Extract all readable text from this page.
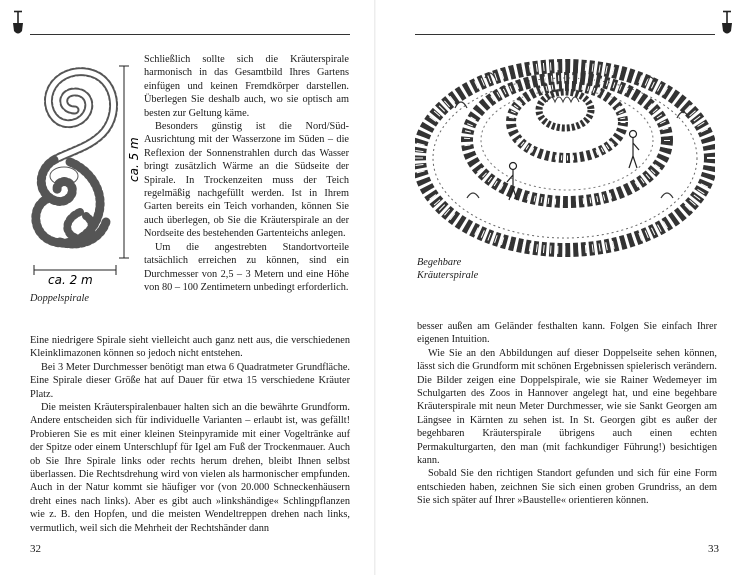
ca. 5 m
ca. 2 m

Schließlich sollte sich die Kräuterspirale harmonisch in das Gesamtbild Ihres Gartens einfügen und keinen Fremdkörper darstellen. Überlegen Sie deshalb auch, wo sie optisch am besten zur Geltung käme.

Besonders günstig ist die Nord/Süd-Ausrichtung mit der Wasserzone im Süden – die Reflexion der Sonnenstrahlen durch das Wasser bringt zusätzlich Wärme an die Südseite der Spirale. In Trockenzeiten muss der Teich regelmäßig nachgefüllt werden. Ist in Ihrem Garten bereits ein Teich vorhanden, können Sie auch überlegen, ob Sie die Kräuterspirale an der Nordseite des bestehenden Gartenteichs anlegen.

Um die angestrebten Standortvorteile tatsächlich erreichen zu können, sind ein Durchmesser von 2,5 – 3 Metern und eine Höhe von 80 – 100 Zentimetern unbedingt erforderlich.

Doppelspirale

Eine niedrigere Spirale sieht vielleicht auch ganz nett aus, die verschiedenen Kleinklimazonen können so jedoch nicht entstehen.

Bei 3 Meter Durchmesser benötigt man etwa 6 Quadratmeter Grundfläche. Eine Spirale dieser Größe hat auf Dauer für etwa 15 verschiedene Kräuter Platz.

Die meisten Kräuterspiralenbauer halten sich an die bewährte Grundform. Andere entscheiden sich für individuelle Varianten – erlaubt ist, was gefällt! Probieren Sie es mit einer kleinen Steinpyramide mit einer Vogeltränke auf der Spitze oder einem Unterschlupf für Igel am Fuß der Trockenmauer. Auch ob Sie Ihre Spirale links oder rechts herum drehen, bleibt Ihnen selbst überlassen. Die Rechtsdrehung wird von vielen als harmonischer empfunden. Auch in der Natur kommt sie häufiger vor (von 20.000 Schneckenhäusern dreht eines nach links). Aber es gibt auch »linkshändige« Schlingpflanzen wie z. B. den Hopfen, und die meisten Wendeltreppen drehen nach links, vermutlich, weil sich die Mehrheit der Rechtshänder dann

32
Begehbare
Kräuterspirale

besser außen am Geländer festhalten kann. Folgen Sie einfach Ihrer eigenen Intuition.

Wie Sie an den Abbildungen auf dieser Doppelseite sehen können, lässt sich die Grundform mit schönen Ergebnissen spielerisch verändern. Die Bilder zeigen eine Doppelspirale, wie sie Rainer Wedemeyer im Schulgarten des Zoos in Hannover angelegt hat, und eine begehbare Kräuterspirale mit neun Meter Durchmesser, wie sie Sankt Georgen am Längsee in Kärnten zu sehen ist. In St. Georgen gibt es außer der begehbaren Kräuterspirale übrigens auch einen echten Permakulturgarten, den man (mit fachkundiger Führung!) besichtigen kann.

Sobald Sie den richtigen Standort gefunden und sich für eine Form entschieden haben, zeichnen Sie sich einen groben Grundriss, an dem Sie sich später auf Ihrer »Baustelle« orientieren können.

33
